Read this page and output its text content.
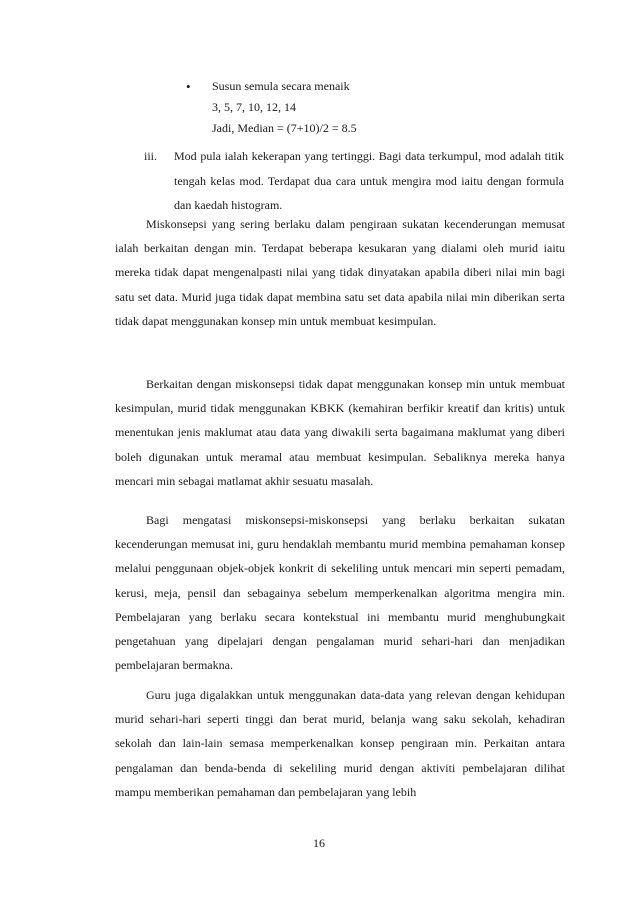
•
Susun semula secara menaik
3, 5, 7, 10, 12, 14
Jadi, Median = (7+10)/2 = 8.5
iii. Mod pula ialah kekerapan yang tertinggi. Bagi data terkumpul, mod adalah titik tengah kelas mod. Terdapat dua cara untuk mengira mod iaitu dengan formula dan kaedah histogram.

Miskonsepsi yang sering berlaku dalam pengiraan sukatan kecenderungan memusat ialah berkaitan dengan min. Terdapat beberapa kesukaran yang dialami oleh murid iaitu mereka tidak dapat mengenalpasti nilai yang tidak dinyatakan apabila diberi nilai min bagi satu set data. Murid juga tidak dapat membina satu set data apabila nilai min diberikan serta tidak dapat menggunakan konsep min untuk membuat kesimpulan.

Berkaitan dengan miskonsepsi tidak dapat menggunakan konsep min untuk membuat kesimpulan, murid tidak menggunakan KBKK (kemahiran berfikir kreatif dan kritis) untuk menentukan jenis maklumat atau data yang diwakili serta bagaimana maklumat yang diberi boleh digunakan untuk meramal atau membuat kesimpulan. Sebaliknya mereka hanya mencari min sebagai matlamat akhir sesuatu masalah.

Bagi mengatasi miskonsepsi-miskonsepsi yang berlaku berkaitan sukatan kecenderungan memusat ini, guru hendaklah membantu murid membina pemahaman konsep melalui penggunaan objek-objek konkrit di sekeliling untuk mencari min seperti pemadam, kerusi, meja, pensil dan sebagainya sebelum memperkenalkan algoritma mengira min. Pembelajaran yang berlaku secara kontekstual ini membantu murid menghubungkait pengetahuan yang dipelajari dengan pengalaman murid sehari-hari dan menjadikan pembelajaran bermakna.

Guru juga digalakkan untuk menggunakan data-data yang relevan dengan kehidupan murid sehari-hari seperti tinggi dan berat murid, belanja wang saku sekolah, kehadiran sekolah dan lain-lain semasa memperkenalkan konsep pengiraan min. Perkaitan antara pengalaman dan benda-benda di sekeliling murid dengan aktiviti pembelajaran dilihat mampu memberikan pemahaman dan pembelajaran yang lebih

16
